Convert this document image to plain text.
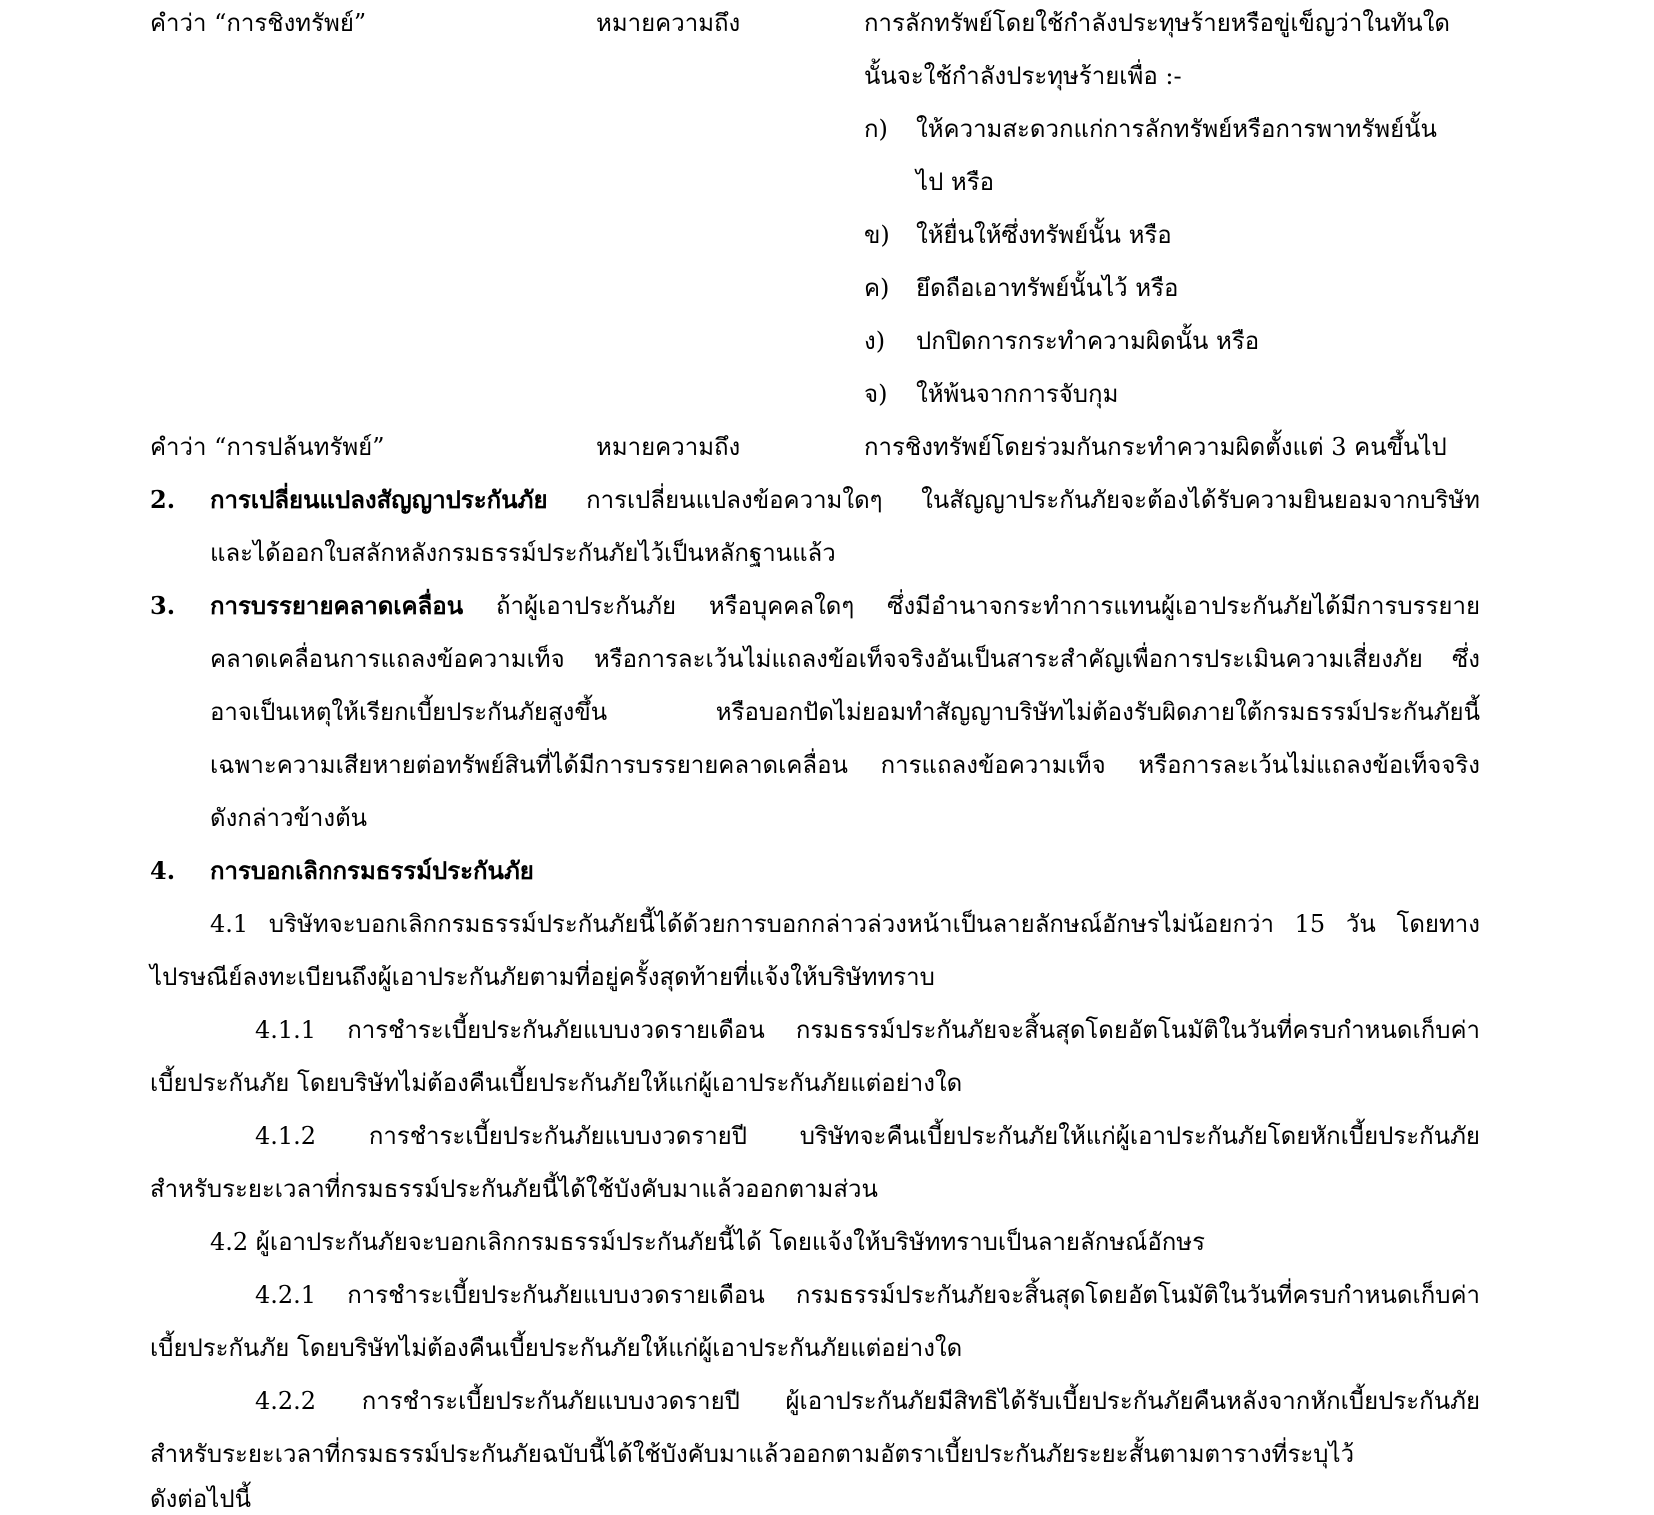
คำว่า “การชิงทรัพย์”	หมายความถึง	การลักทรัพย์โดยใช้กำลังประทุษร้ายหรือขู่เข็ญว่าในทันใด
นั้นจะใช้กำลังประทุษร้ายเพื่อ :-
ก) ให้ความสะดวกแก่การลักทรัพย์หรือการพาทรัพย์นั้น
ไป หรือ
ข) ให้ยื่นให้ซึ่งทรัพย์นั้น หรือ
ค) ยึดถือเอาทรัพย์นั้นไว้ หรือ
ง) ปกปิดการกระทำความผิดนั้น หรือ
จ) ให้พ้นจากการจับกุม
คำว่า “การปล้นทรัพย์”	หมายความถึง	การชิงทรัพย์โดยร่วมกันกระทำความผิดตั้งแต่ 3 คนขึ้นไป
2. การเปลี่ยนแปลงสัญญาประกันภัย การเปลี่ยนแปลงข้อความใดๆ ในสัญญาประกันภัยจะต้องได้รับความยินยอมจากบริษัท
และได้ออกใบสลักหลังกรมธรรม์ประกันภัยไว้เป็นหลักฐานแล้ว
3. การบรรยายคลาดเคลื่อน ถ้าผู้เอาประกันภัย หรือบุคคลใดๆ ซึ่งมีอำนาจกระทำการแทนผู้เอาประกันภัยได้มีการบรรยาย
คลาดเคลื่อนการแถลงข้อความเท็จ หรือการละเว้นไม่แถลงข้อเท็จจริงอันเป็นสาระสำคัญเพื่อการประเมินความเสี่ยงภัย ซึ่ง
อาจเป็นเหตุให้เรียกเบี้ยประกันภัยสูงขึ้น หรือบอกปัดไม่ยอมทำสัญญาบริษัทไม่ต้องรับผิดภายใต้กรมธรรม์ประกันภัยนี้
เฉพาะความเสียหายต่อทรัพย์สินที่ได้มีการบรรยายคลาดเคลื่อน การแถลงข้อความเท็จ หรือการละเว้นไม่แถลงข้อเท็จจริง
ดังกล่าวข้างต้น
4. การบอกเลิกกรมธรรม์ประกันภัย
4.1 บริษัทจะบอกเลิกกรมธรรม์ประกันภัยนี้ได้ด้วยการบอกกล่าวล่วงหน้าเป็นลายลักษณ์อักษรไม่น้อยกว่า 15 วัน โดยทาง
ไปรษณีย์ลงทะเบียนถึงผู้เอาประกันภัยตามที่อยู่ครั้งสุดท้ายที่แจ้งให้บริษัททราบ
4.1.1 การชำระเบี้ยประกันภัยแบบงวดรายเดือน กรมธรรม์ประกันภัยจะสิ้นสุดโดยอัตโนมัติในวันที่ครบกำหนดเก็บค่า
เบี้ยประกันภัย โดยบริษัทไม่ต้องคืนเบี้ยประกันภัยให้แก่ผู้เอาประกันภัยแต่อย่างใด
4.1.2 การชำระเบี้ยประกันภัยแบบงวดรายปี บริษัทจะคืนเบี้ยประกันภัยให้แก่ผู้เอาประกันภัยโดยหักเบี้ยประกันภัย
สำหรับระยะเวลาที่กรมธรรม์ประกันภัยนี้ได้ใช้บังคับมาแล้วออกตามส่วน
4.2 ผู้เอาประกันภัยจะบอกเลิกกรมธรรม์ประกันภัยนี้ได้ โดยแจ้งให้บริษัททราบเป็นลายลักษณ์อักษร
4.2.1 การชำระเบี้ยประกันภัยแบบงวดรายเดือน กรมธรรม์ประกันภัยจะสิ้นสุดโดยอัตโนมัติในวันที่ครบกำหนดเก็บค่า
เบี้ยประกันภัย โดยบริษัทไม่ต้องคืนเบี้ยประกันภัยให้แก่ผู้เอาประกันภัยแต่อย่างใด
4.2.2 การชำระเบี้ยประกันภัยแบบงวดรายปี ผู้เอาประกันภัยมีสิทธิได้รับเบี้ยประกันภัยคืนหลังจากหักเบี้ยประกันภัย
สำหรับระยะเวลาที่กรมธรรม์ประกันภัยฉบับนี้ได้ใช้บังคับมาแล้วออกตามอัตราเบี้ยประกันภัยระยะสั้นตามตารางที่ระบุไว้
ดังต่อไปนี้
